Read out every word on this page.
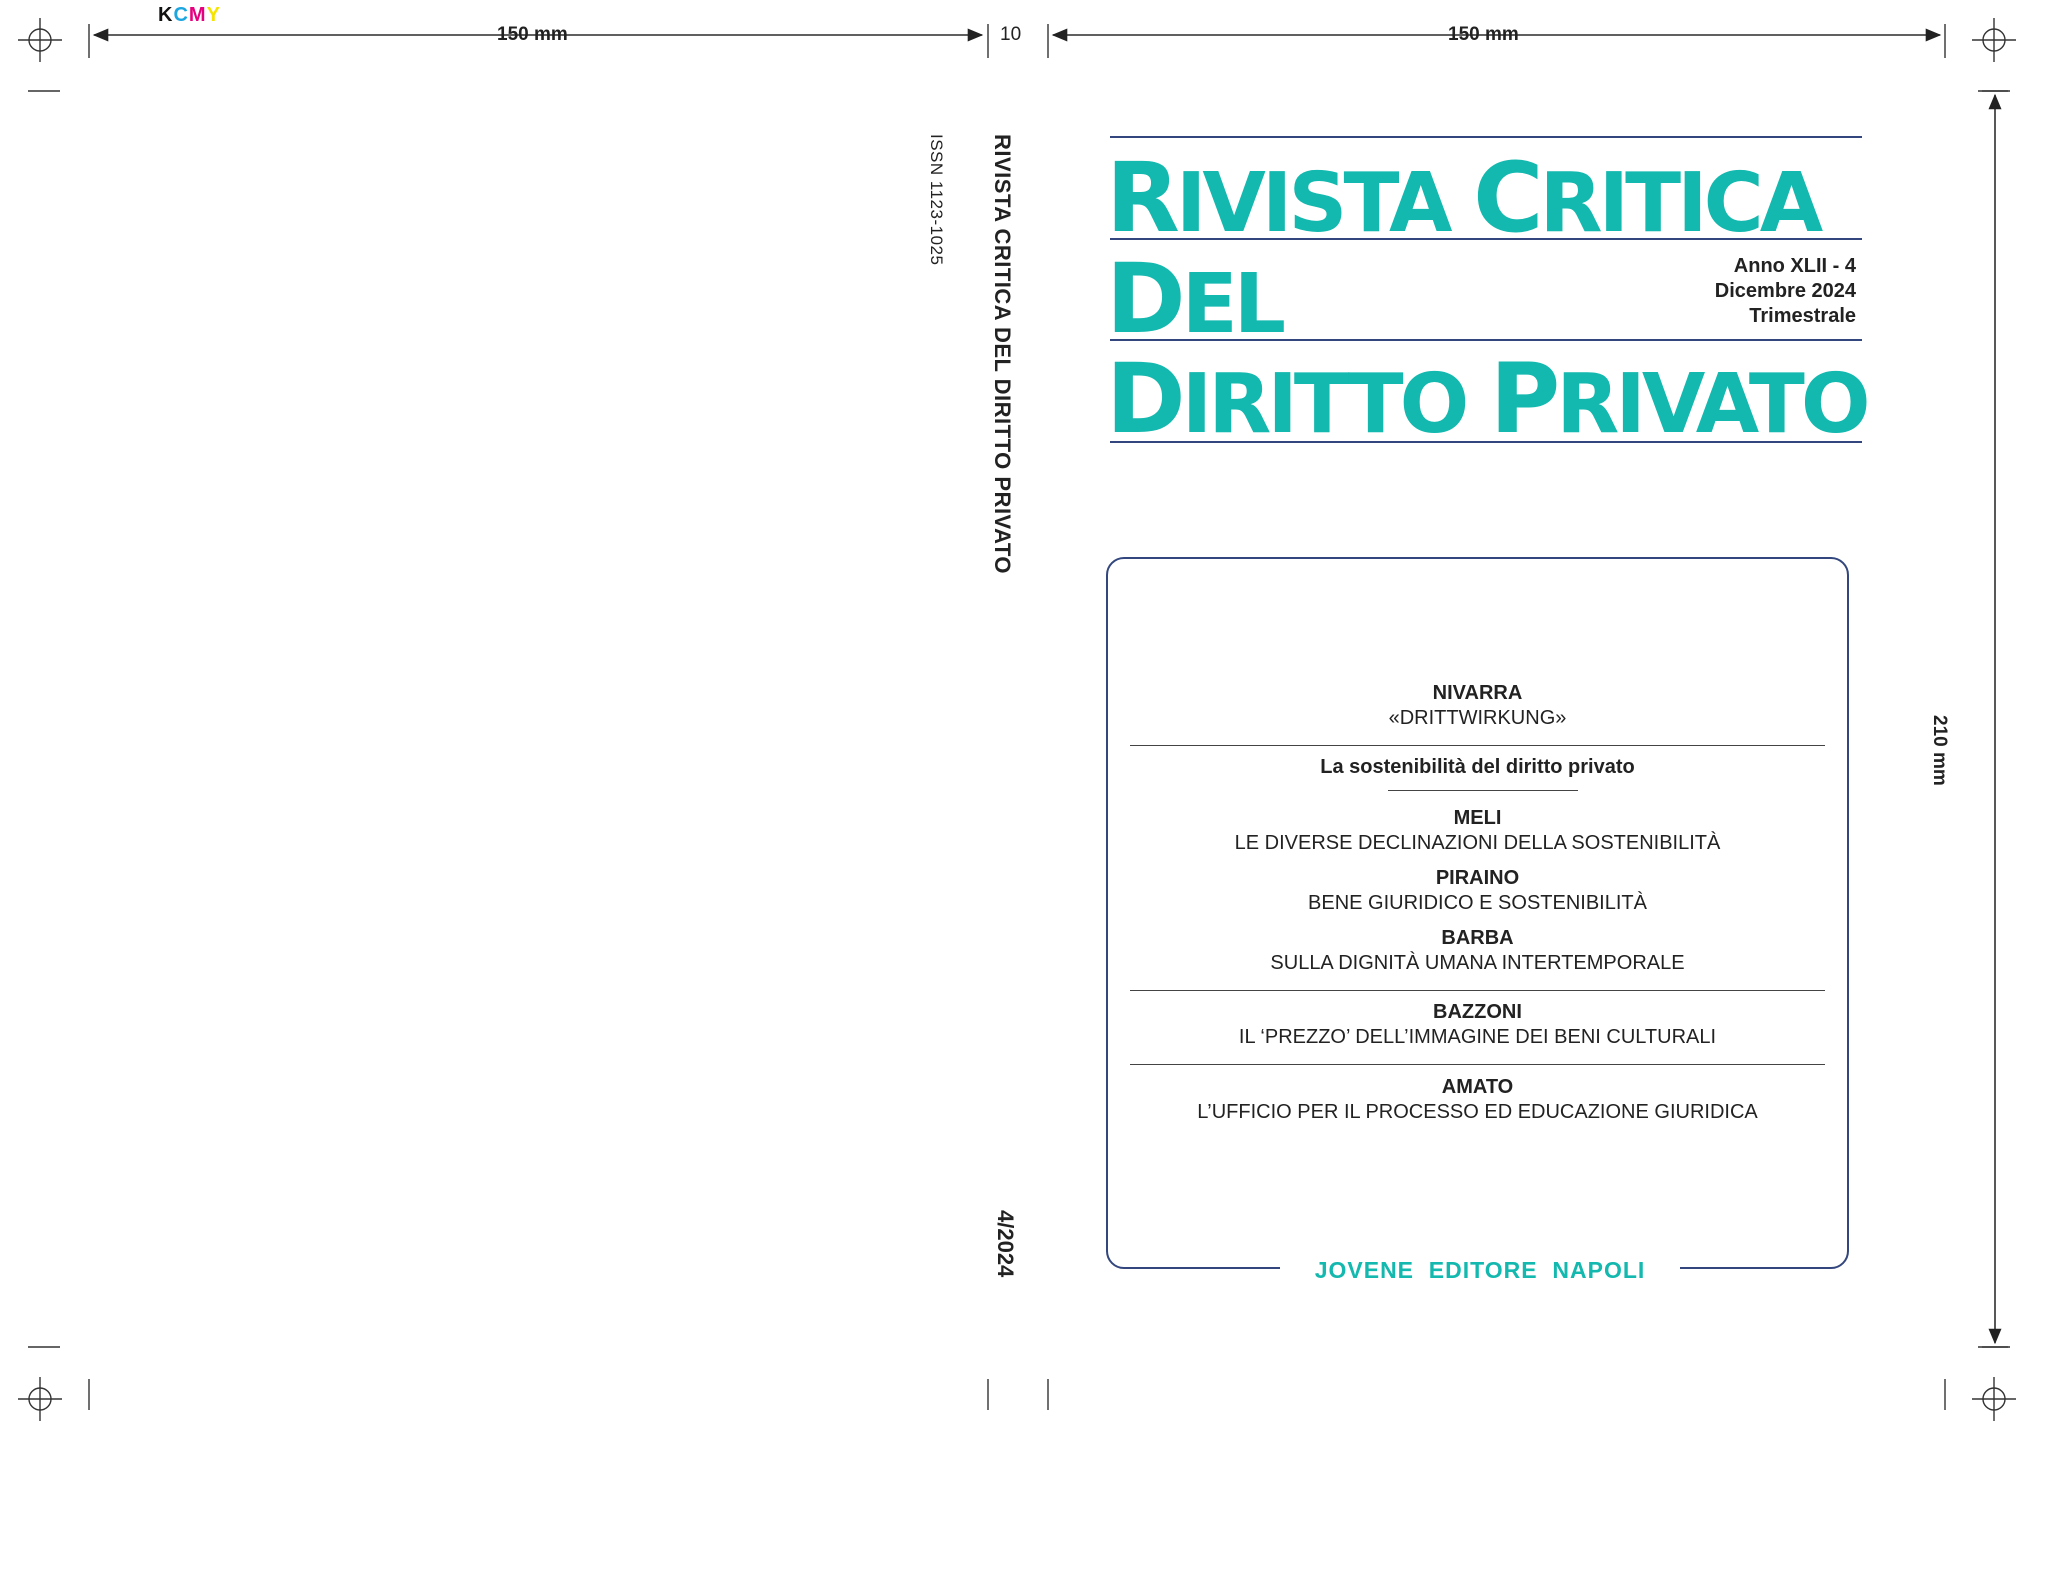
KCMY
150 mm	10	150 mm
210 mm
ISSN 1123-1025 RIVISTA CRITICA DEL DIRITTO PRIVATO
4/2024
RIVISTA CRITICA
DEL
DIRITTO PRIVATO
Anno XLII - 4
Dicembre 2024
Trimestrale
NIVARRA
«DRITTWIRKUNG»
La sostenibilità del diritto privato
MELI
LE DIVERSE DECLINAZIONI DELLA SOSTENIBILITÀ
PIRAINO
BENE GIURIDICO E SOSTENIBILITÀ
BARBA
SULLA DIGNITÀ UMANA INTERTEMPORALE
BAZZONI
IL ‘PREZZO’ DELL’IMMAGINE DEI BENI CULTURALI
AMATO
L’UFFICIO PER IL PROCESSO ED EDUCAZIONE GIURIDICA
JOVENE  EDITORE  NAPOLI
